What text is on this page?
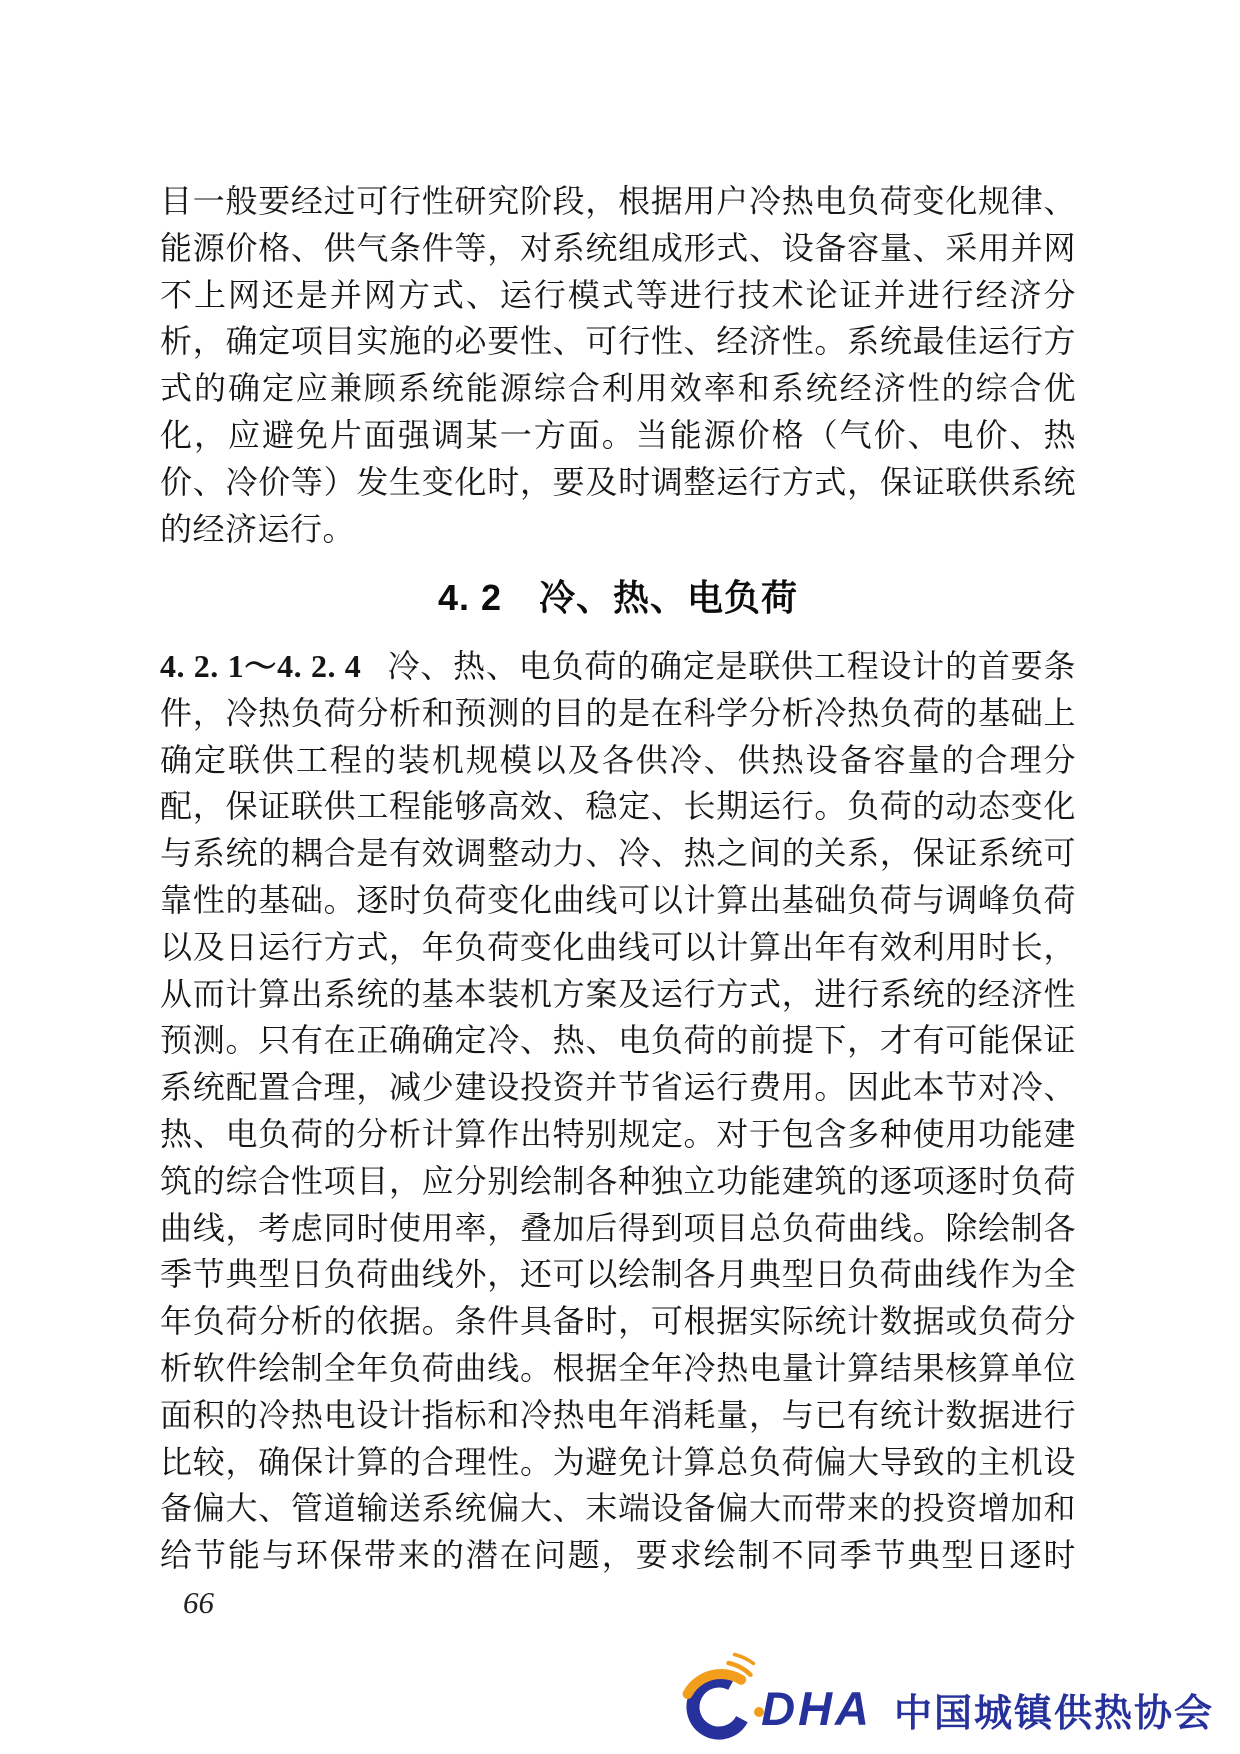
目一般要经过可行性研究阶段，根据用户冷热电负荷变化规律、
能源价格、供气条件等，对系统组成形式、设备容量、采用并网
不上网还是并网方式、运行模式等进行技术论证并进行经济分
析，确定项目实施的必要性、可行性、经济性。系统最佳运行方
式的确定应兼顾系统能源综合利用效率和系统经济性的综合优
化，应避免片面强调某一方面。当能源价格（气价、电价、热
价、冷价等）发生变化时，要及时调整运行方式，保证联供系统
的经济运行。
4. 2　冷、热、电负荷
4. 2. 1～4. 2. 4 冷、热、电负荷的确定是联供工程设计的首要条
件，冷热负荷分析和预测的目的是在科学分析冷热负荷的基础上
确定联供工程的装机规模以及各供冷、供热设备容量的合理分
配，保证联供工程能够高效、稳定、长期运行。负荷的动态变化
与系统的耦合是有效调整动力、冷、热之间的关系，保证系统可
靠性的基础。逐时负荷变化曲线可以计算出基础负荷与调峰负荷
以及日运行方式，年负荷变化曲线可以计算出年有效利用时长，
从而计算出系统的基本装机方案及运行方式，进行系统的经济性
预测。只有在正确确定冷、热、电负荷的前提下，才有可能保证
系统配置合理，减少建设投资并节省运行费用。因此本节对冷、
热、电负荷的分析计算作出特别规定。对于包含多种使用功能建
筑的综合性项目，应分别绘制各种独立功能建筑的逐项逐时负荷
曲线，考虑同时使用率，叠加后得到项目总负荷曲线。除绘制各
季节典型日负荷曲线外，还可以绘制各月典型日负荷曲线作为全
年负荷分析的依据。条件具备时，可根据实际统计数据或负荷分
析软件绘制全年负荷曲线。根据全年冷热电量计算结果核算单位
面积的冷热电设计指标和冷热电年消耗量，与已有统计数据进行
比较，确保计算的合理性。为避免计算总负荷偏大导致的主机设
备偏大、管道输送系统偏大、末端设备偏大而带来的投资增加和
给节能与环保带来的潜在问题，要求绘制不同季节典型日逐时
66
DHA 中国城镇供热协会
